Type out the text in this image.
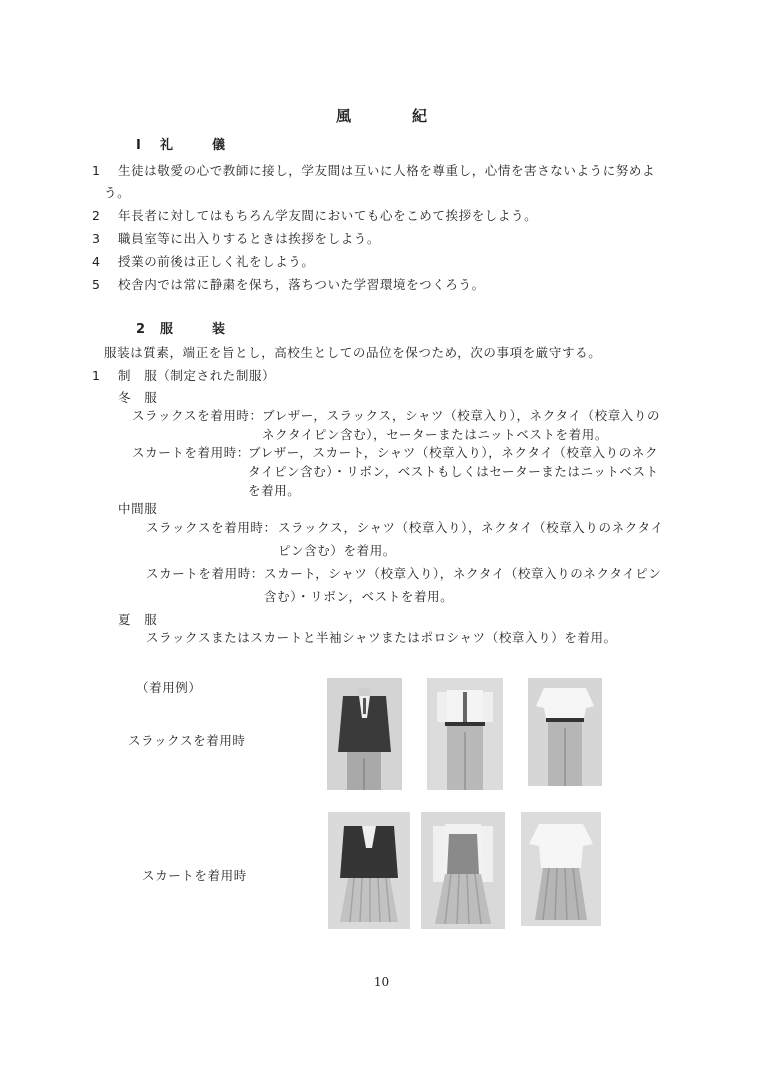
風	紀
Ⅰ 礼	儀
1 生徒は敬愛の心で教師に接し，学友間は互いに人格を尊重し，心情を害さないように努めよ
う。
2 年長者に対してはもちろん学友間においても心をこめて挨拶をしよう。
3 職員室等に出入りするときは挨拶をしよう。
4 授業の前後は正しく礼をしよう。
5 校舎内では常に静粛を保ち，落ちついた学習環境をつくろう。
2 服	装
服装は質素，端正を旨とし，高校生としての品位を保つため，次の事項を厳守する。
1 制　服（制定された制服）
冬　服
スラックスを着用時： ブレザー，スラックス，シャツ（校章入り），ネクタイ（校章入りの
ネクタイピン含む），セーターまたはニットベストを着用。
スカートを着用時：
ブレザー，スカート，シャツ（校章入り），ネクタイ（校章入りのネク
タイピン含む）・リボン，ベストもしくはセーターまたはニットベスト
を着用。
中間服
スラックスを着用時： スラックス，シャツ（校章入り），ネクタイ（校章入りのネクタイ
ピン含む）を着用。
スカートを着用時： スカート，シャツ（校章入り），ネクタイ（校章入りのネクタイピン
含む）・リボン，ベストを着用。
夏　服
スラックスまたはスカートと半袖シャツまたはポロシャツ（校章入り）を着用。
（着用例）
スラックスを着用時
スカートを着用時
10
